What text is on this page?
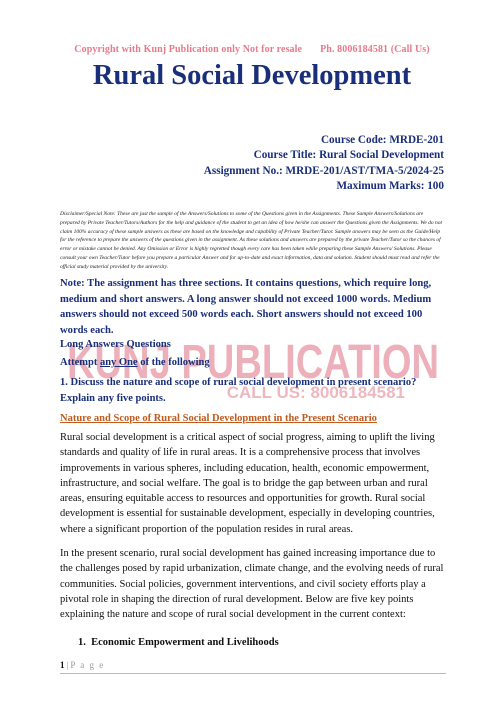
Copyright with Kunj Publication only Not for resale Ph. 8006184581 (Call Us)
Rural Social Development
Course Code: MRDE-201
Course Title: Rural Social Development
Assignment No.: MRDE-201/AST/TMA-5/2024-25
Maximum Marks: 100
Disclaimer/Special Note: These are just the sample of the Answers/Solutions to some of the Questions given in the Assignments. These Sample Answers/Solutions are prepared by Private Teacher/Tutors/Authors for the help and guidance of the student to get an idea of how he/she can answer the Questions given the Assignments. We do not claim 100% accuracy of these sample answers as these are based on the knowledge and capability of Private Teacher/Tutor. Sample answers may be seen as the Guide/Help for the reference to prepare the answers of the questions given in the assignment. As these solutions and answers are prepared by the private Teacher/Tutor so the chances of error or mistake cannot be denied. Any Omission or Error is highly regretted though every care has been taken while preparing these Sample Answers/ Solutions. Please consult your own Teacher/Tutor before you prepare a particular Answer and for up-to-date and exact information, data and solution. Student should must read and refer the official study material provided by the university.
KUNJ PUBLICATION
CALL US: 8006184581
Note: The assignment has three sections. It contains questions, which require long, medium and short answers. A long answer should not exceed 1000 words. Medium answers should not exceed 500 words each. Short answers should not exceed 100 words each.
Long Answers Questions
Attempt any One of the following
1. Discuss the nature and scope of rural social development in present scenario? Explain any five points.
Nature and Scope of Rural Social Development in the Present Scenario
Rural social development is a critical aspect of social progress, aiming to uplift the living standards and quality of life in rural areas. It is a comprehensive process that involves improvements in various spheres, including education, health, economic empowerment, infrastructure, and social welfare. The goal is to bridge the gap between urban and rural areas, ensuring equitable access to resources and opportunities for growth. Rural social development is essential for sustainable development, especially in developing countries, where a significant proportion of the population resides in rural areas.
In the present scenario, rural social development has gained increasing importance due to the challenges posed by rapid urbanization, climate change, and the evolving needs of rural communities. Social policies, government interventions, and civil society efforts play a pivotal role in shaping the direction of rural development. Below are five key points explaining the nature and scope of rural social development in the current context:
1.  Economic Empowerment and Livelihoods
1 | P a g e
